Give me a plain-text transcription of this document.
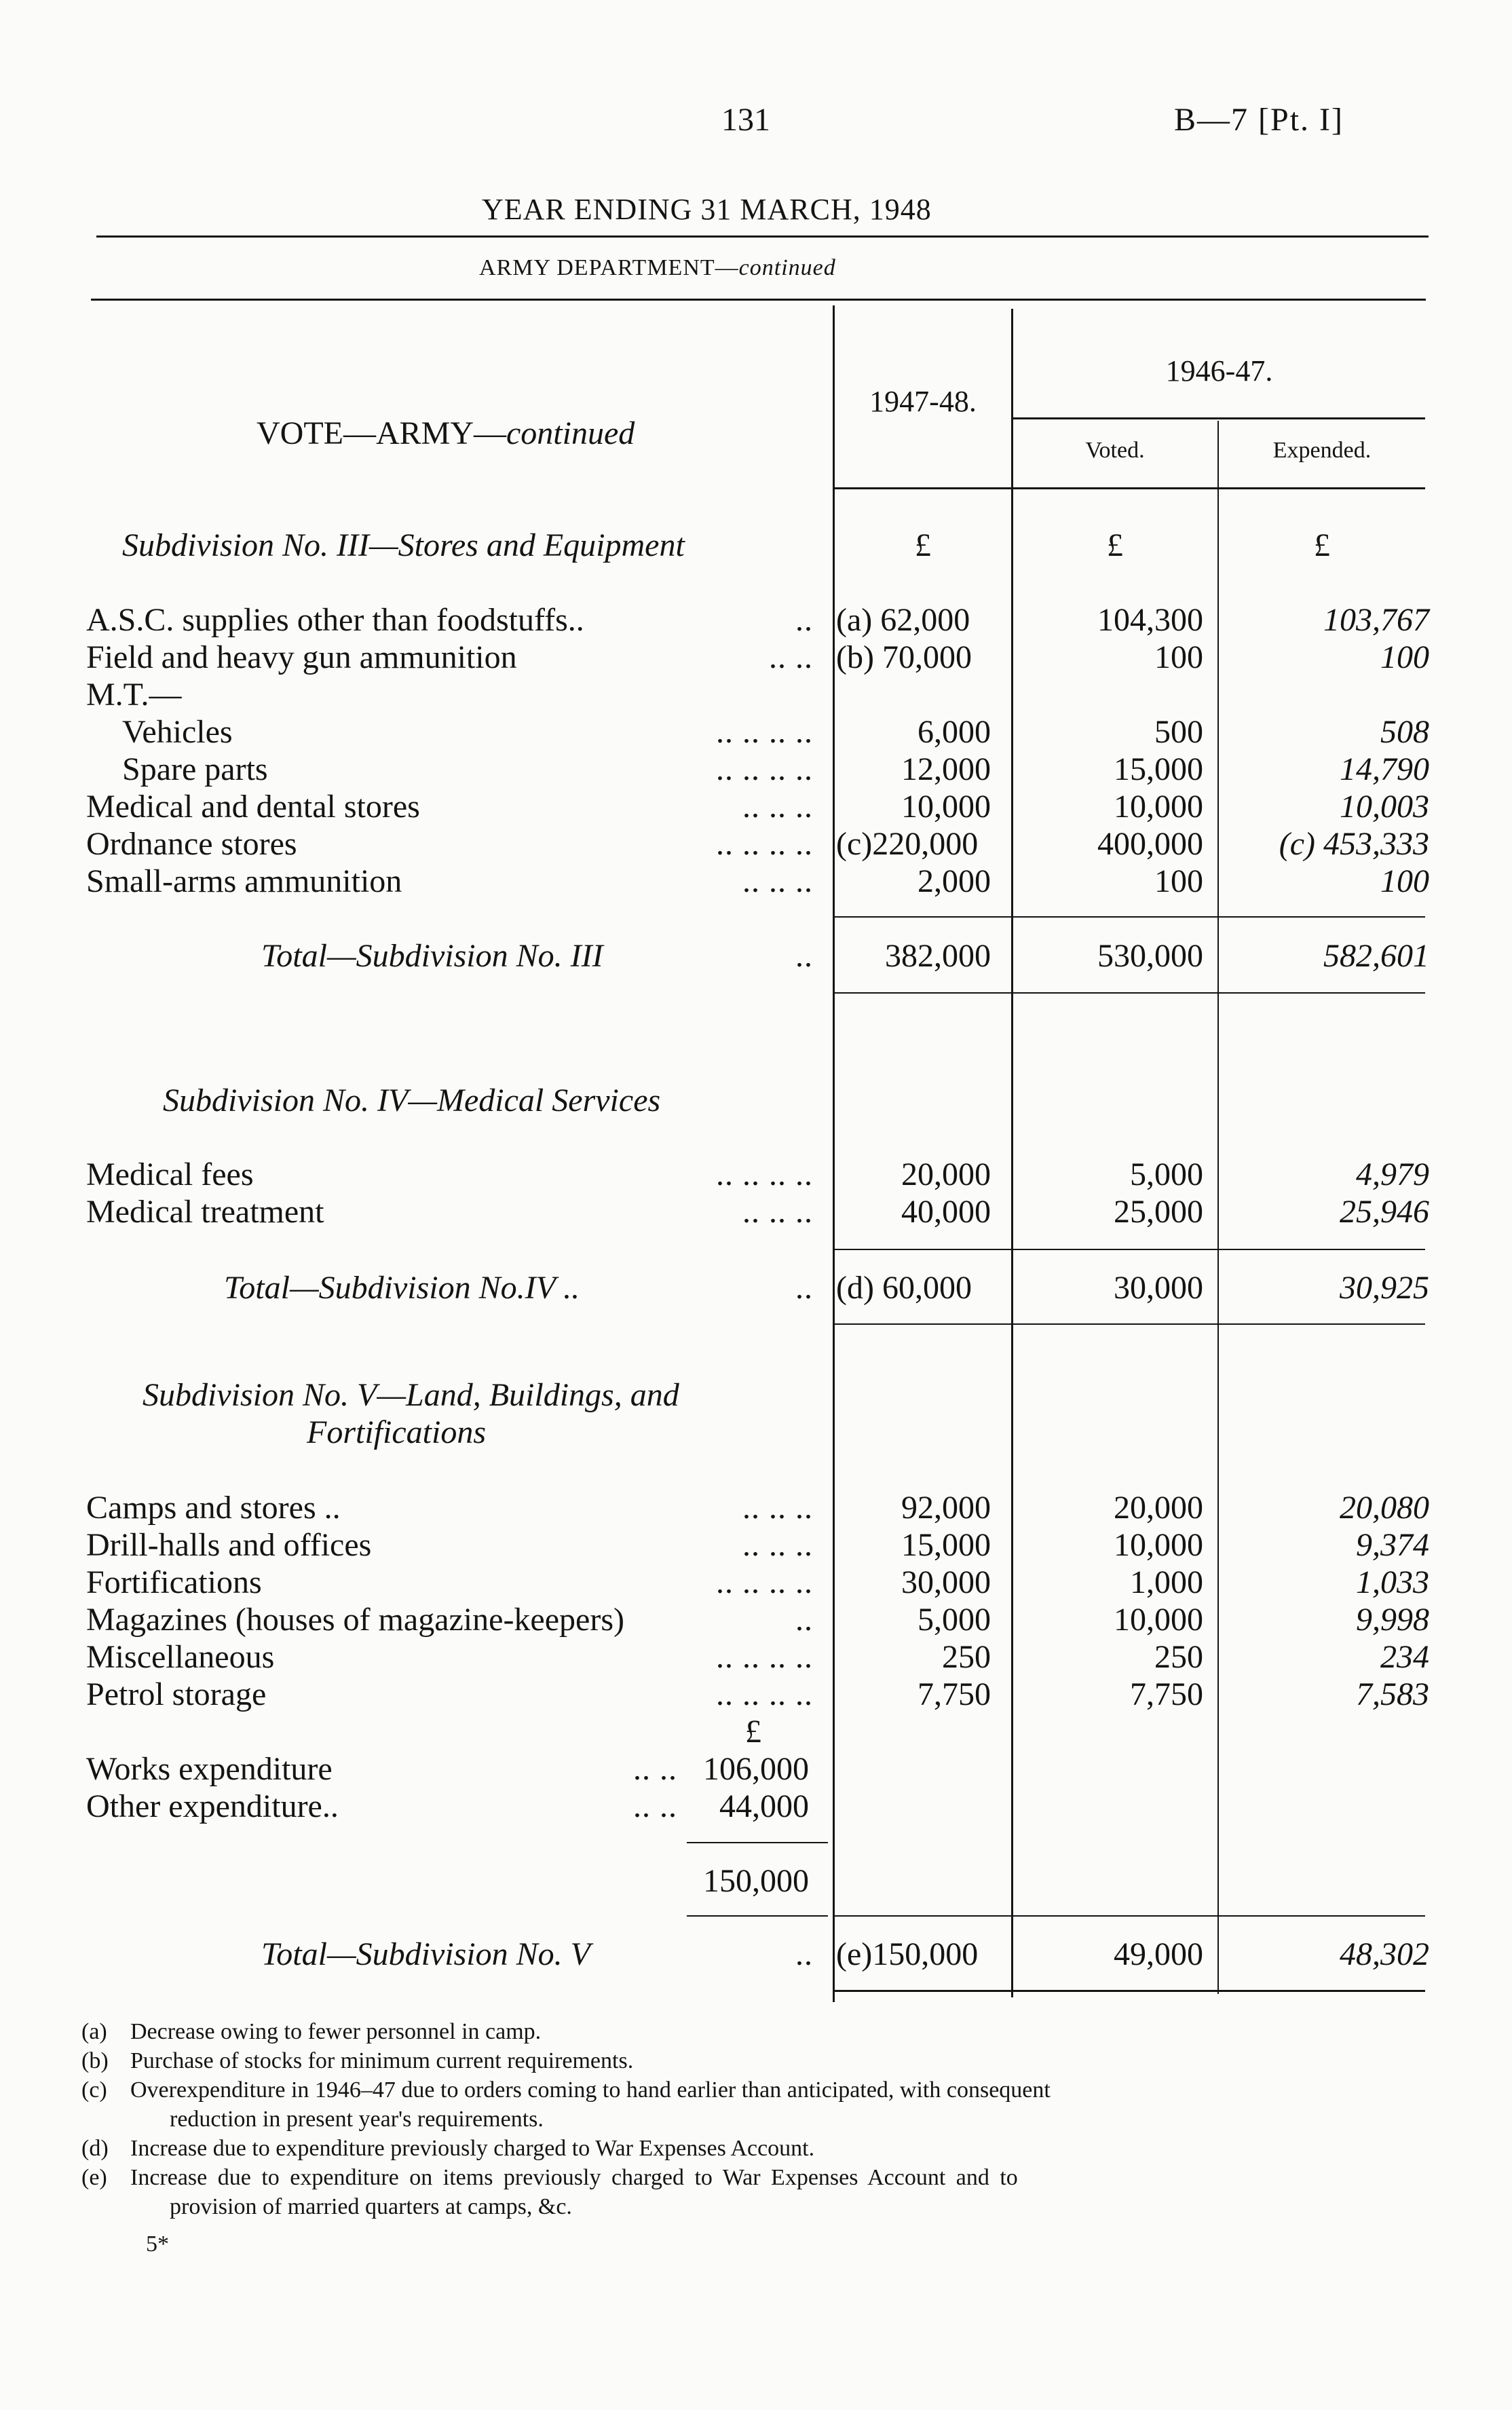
131	B—7 [Pt. I]
YEAR ENDING 31 MARCH, 1948
ARMY DEPARTMENT—continued
VOTE—ARMY—continued
1947-48.
1946-47.
Voted.	Expended.
Subdivision No. III—Stores and Equipment	£	£	£
A.S.C. supplies other than foodstuffs..	.. (a) 62,000	104,300	103,767
Field and heavy gun ammunition	.. .. (b) 70,000	100	100
M.T.—
Vehicles	.. .. .. ..	6,000	500	508
Spare parts	.. .. .. ..	12,000	15,000	14,790
Medical and dental stores	.. .. ..	10,000	10,000	10,003
Ordnance stores	.. .. .. .. (c)220,000	400,000	(c) 453,333
Small-arms ammunition	.. .. ..	2,000	100	100
Total—Subdivision No. III	..	382,000	530,000	582,601
Subdivision No. IV—Medical Services
Medical fees	.. .. .. ..	20,000	5,000	4,979
Medical treatment	.. .. ..	40,000	25,000	25,946
Total—Subdivision No.IV ..	.. (d) 60,000	30,000	30,925
Subdivision No. V—Land, Buildings, and
Fortifications
Camps and stores ..	.. .. ..	92,000	20,000	20,080
Drill-halls and offices	.. .. ..	15,000	10,000	9,374
Fortifications	.. .. .. ..	30,000	1,000	1,033
Magazines (houses of magazine-keepers)	..	5,000	10,000	9,998
Miscellaneous	.. .. .. ..	250	250	234
Petrol storage	.. .. .. ..	7,750	7,750	7,583
£
Works expenditure	.. .. 106,000
Other expenditure..	.. ..	44,000
150,000
Total—Subdivision No. V	.. (e)150,000	49,000	48,302
(a) Decrease owing to fewer personnel in camp.
(b) Purchase of stocks for minimum current requirements.
(c) Overexpenditure in 1946–47 due to orders coming to hand earlier than anticipated, with consequent
reduction in present year's requirements.
(d) Increase due to expenditure previously charged to War Expenses Account.
(e) Increase due to expenditure on items previously charged to War Expenses Account and to
provision of married quarters at camps, &c.
5*
